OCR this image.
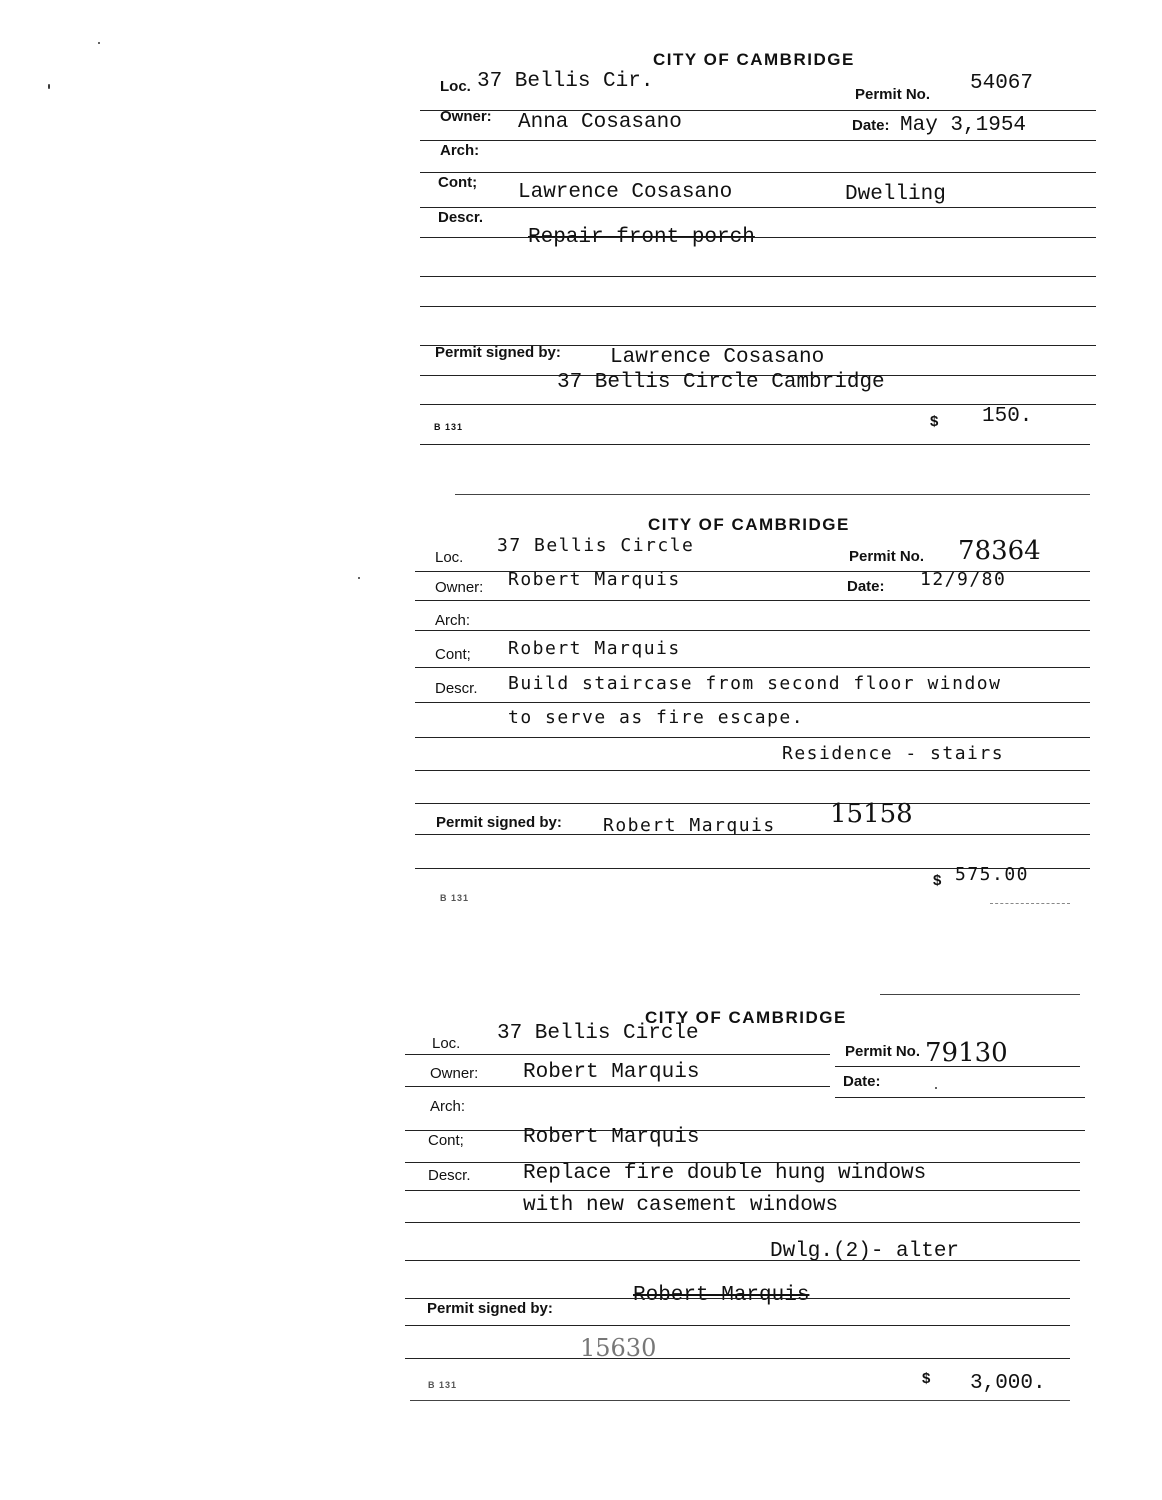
CITY OF CAMBRIDGE
Loc. 37 Bellis Cir.
Permit No. 54067
Owner: Anna Cosasano	Date: May 3,1954
Arch:
Cont; Lawrence Cosasano	Dwelling
Descr.
Repair front porch
Permit signed by: Lawrence Cosasano
37 Bellis Circle Cambridge
B 131	$ 150.
CITY OF CAMBRIDGE
Loc.
37 Bellis Circle
Permit No. 78364
Owner: Robert Marquis	Date: 12/9/80
Arch:
Cont; Robert Marquis
Descr. Build staircase from second floor window
to serve as fire escape.
Residence - stairs
Permit signed by: Robert Marquis 15158
B 131
$ 575.00
CITY OF CAMBRIDGE
Loc. 37 Bellis Circle
Permit No. 79130
Owner: Robert Marquis	Date:
Arch:
Cont;	Robert Marquis
Descr. Replace fire double hung windows
with new casement windows
Dwlg.(2)- alter
Permit signed by:
Robert Marquis
15630
B 131	$ 3,000.
